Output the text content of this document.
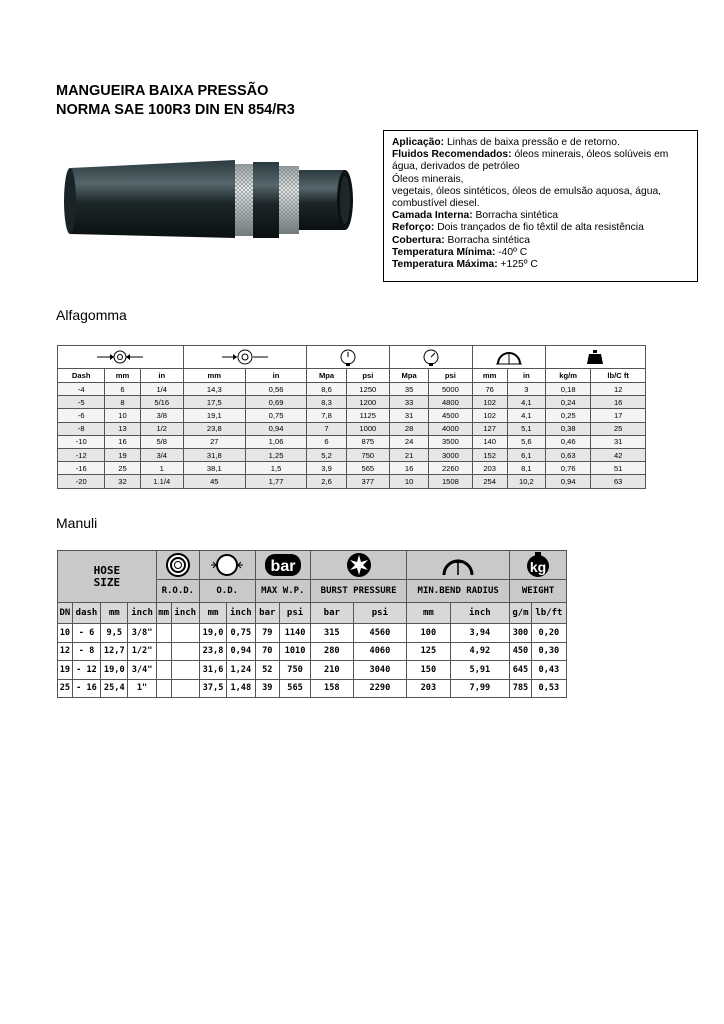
MANGUEIRA BAIXA PRESSÃO
NORMA SAE 100R3 DIN EN 854/R3

Aplicação: Linhas de baixa pressão e de retorno.

Fluidos Recomendados: óleos minerais, óleos solúveis em água, derivados de petróleo

Óleos minerais,

vegetais, óleos sintéticos, óleos de emulsão aquosa, água, combustível diesel.

Camada Interna: Borracha sintética

Reforço: Dois trançados de fio têxtil de alta resistência

Cobertura: Borracha sintética

Temperatura Mínima: -40º C

Temperatura Máxima: +125º C

Alfagomma

Dash	mm	in	mm	in	Mpa	psi	Mpa	psi	mm	in	kg/m	lb/C ft
-4	6	1/4	14,3	0,56	8,6	1250	35	5000	76	3	0,18	12
-5	8	5/16	17,5	0,69	8,3	1200	33	4800	102	4,1	0,24	16
-6	10	3/8	19,1	0,75	7,8	1125	31	4500	102	4,1	0,25	17
-8	13	1/2	23,8	0,94	7	1000	28	4000	127	5,1	0,38	25
-10	16	5/8	27	1,06	6	875	24	3500	140	5,6	0,46	31
-12	19	3/4	31,8	1,25	5,2	750	21	3000	152	6,1	0,63	42
-16	25	1	38,1	1,5	3,9	565	16	2260	203	8,1	0,76	51
-20	32	1.1/4	45	1,77	2,6	377	10	1508	254	10,2	0,94	63
Manuli
HOSE
SIZE								bar						kg	

				R.O.D.		O.D.		MAX W.P.		BURST PRESSURE		MIN.BEND RADIUS		WEIGHT	
DN	dash	mm	inch	mm	inch	mm	inch	bar	psi	bar	psi	mm	inch	g/m	lb/ft
10	- 6	9,5	3/8"			19,0	0,75	79	1140	315	4560	100	3,94	300	0,20
12	- 8	12,7	1/2"			23,8	0,94	70	1010	280	4060	125	4,92	450	0,30
19	- 12	19,0	3/4"			31,6	1,24	52	750	210	3040	150	5,91	645	0,43
25	- 16	25,4	1"			37,5	1,48	39	565	158	2290	203	7,99	785	0,53
